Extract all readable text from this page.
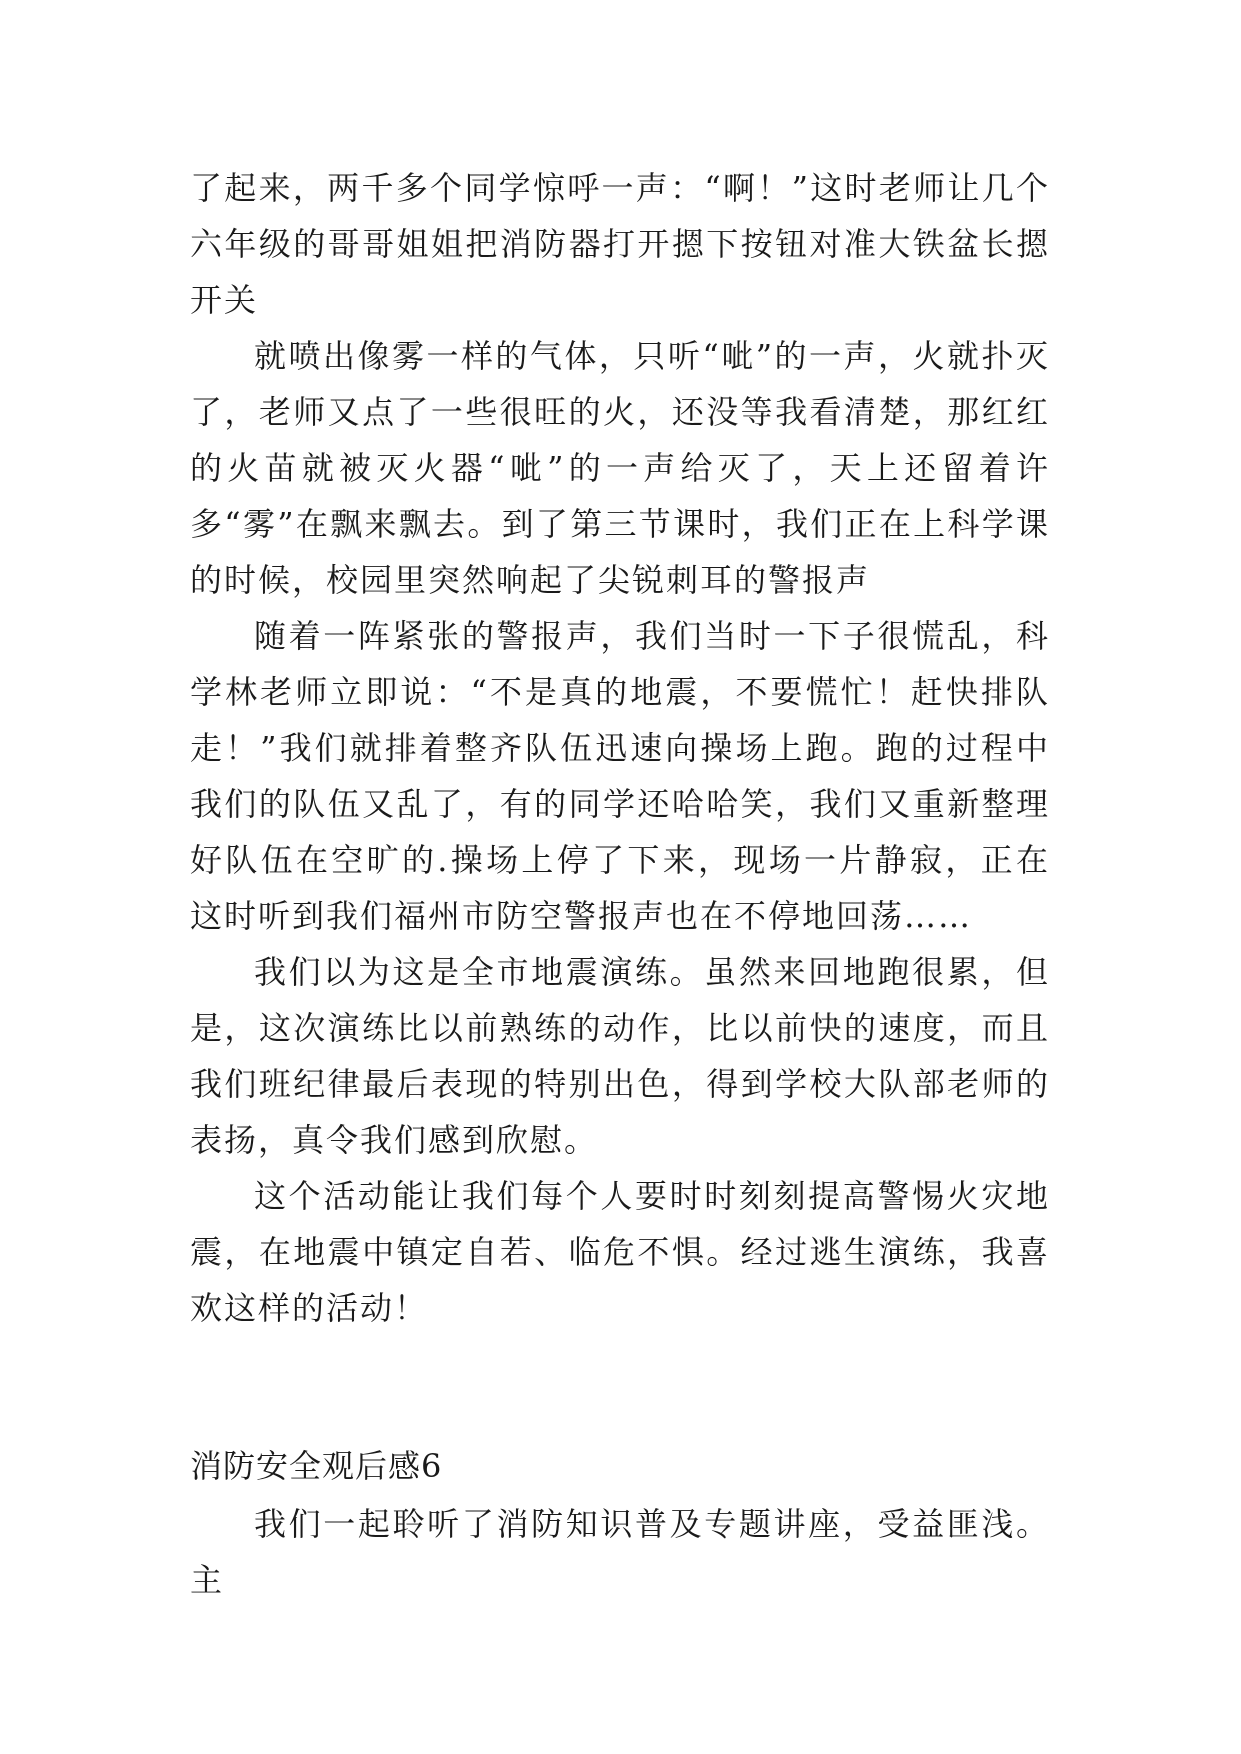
了起来，两千多个同学惊呼一声：“啊！”这时老师让几个六年级的哥哥姐姐把消防器打开摁下按钮对准大铁盆长摁开关

就喷出像雾一样的气体，只听“呲”的一声，火就扑灭了，老师又点了一些很旺的火，还没等我看清楚，那红红的火苗就被灭火器“呲”的一声给灭了，天上还留着许多“雾”在飘来飘去。到了第三节课时，我们正在上科学课的时候，校园里突然响起了尖锐刺耳的警报声

随着一阵紧张的警报声，我们当时一下子很慌乱，科学林老师立即说：“不是真的地震，不要慌忙！赶快排队走！”我们就排着整齐队伍迅速向操场上跑。跑的过程中我们的队伍又乱了，有的同学还哈哈笑，我们又重新整理好队伍在空旷的.操场上停了下来，现场一片静寂，正在这时听到我们福州市防空警报声也在不停地回荡……

我们以为这是全市地震演练。虽然来回地跑很累，但是，这次演练比以前熟练的动作，比以前快的速度，而且我们班纪律最后表现的特别出色，得到学校大队部老师的表扬，真令我们感到欣慰。

这个活动能让我们每个人要时时刻刻提高警惕火灾地震，在地震中镇定自若、临危不惧。经过逃生演练，我喜欢这样的活动！

消防安全观后感6

我们一起聆听了消防知识普及专题讲座，受益匪浅。主
